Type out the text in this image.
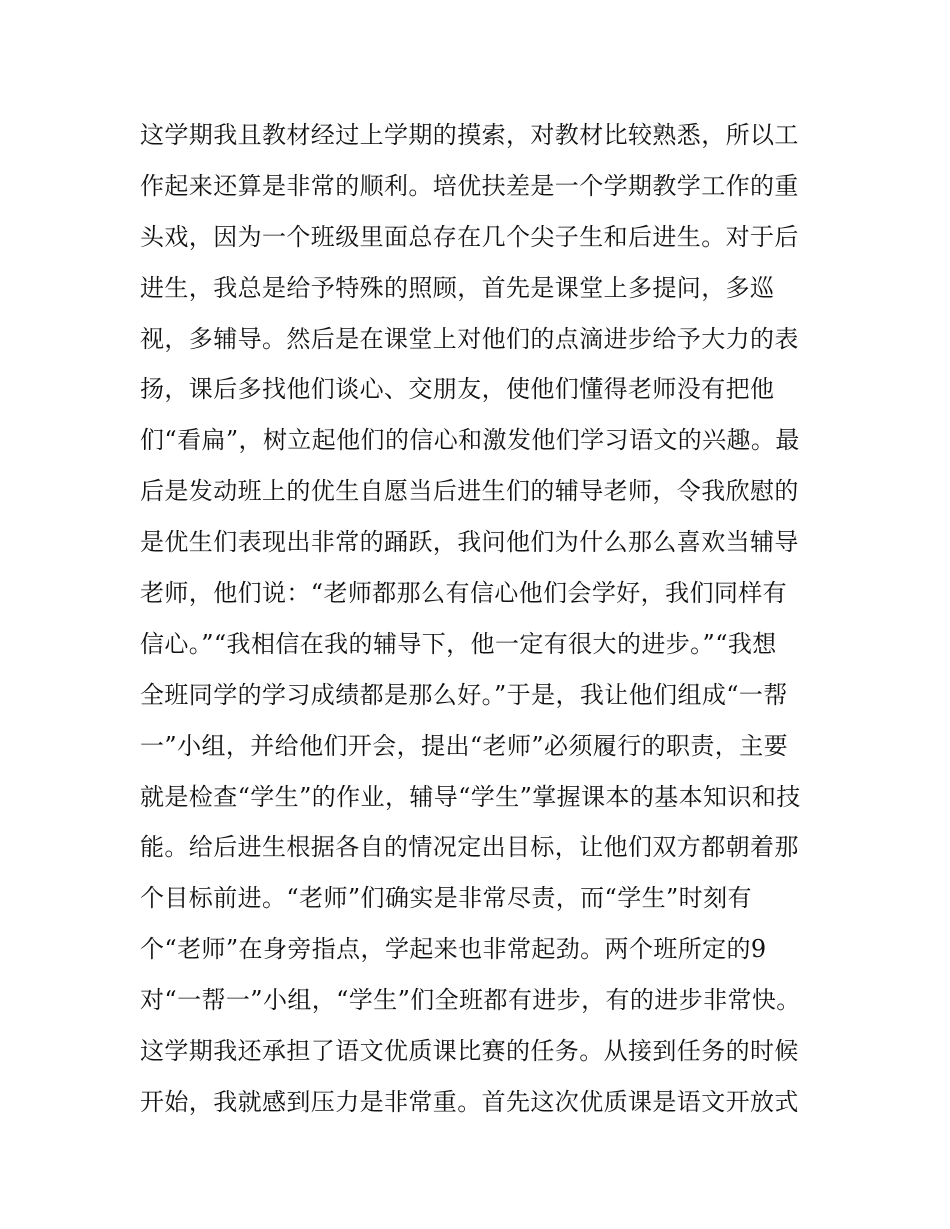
这学期我且教材经过上学期的摸索，对教材比较熟悉，所以工
作起来还算是非常的顺利。培优扶差是一个学期教学工作的重
头戏，因为一个班级里面总存在几个尖子生和后进生。对于后
进生，我总是给予特殊的照顾，首先是课堂上多提问，多巡
视，多辅导。然后是在课堂上对他们的点滴进步给予大力的表
扬，课后多找他们谈心、交朋友，使他们懂得老师没有把他
们“看扁”，树立起他们的信心和激发他们学习语文的兴趣。最
后是发动班上的优生自愿当后进生们的辅导老师，令我欣慰的
是优生们表现出非常的踊跃，我问他们为什么那么喜欢当辅导
老师，他们说：“老师都那么有信心他们会学好，我们同样有
信心。”“我相信在我的辅导下，他一定有很大的进步。”“我想
全班同学的学习成绩都是那么好。”于是，我让他们组成“一帮
一”小组，并给他们开会，提出“老师”必须履行的职责，主要
就是检查“学生”的作业，辅导“学生”掌握课本的基本知识和技
能。给后进生根据各自的情况定出目标，让他们双方都朝着那
个目标前进。“老师”们确实是非常尽责，而“学生”时刻有
个“老师”在身旁指点，学起来也非常起劲。两个班所定的9
对“一帮一”小组，“学生”们全班都有进步，有的进步非常快。
这学期我还承担了语文优质课比赛的任务。从接到任务的时候
开始，我就感到压力是非常重。首先这次优质课是语文开放式
